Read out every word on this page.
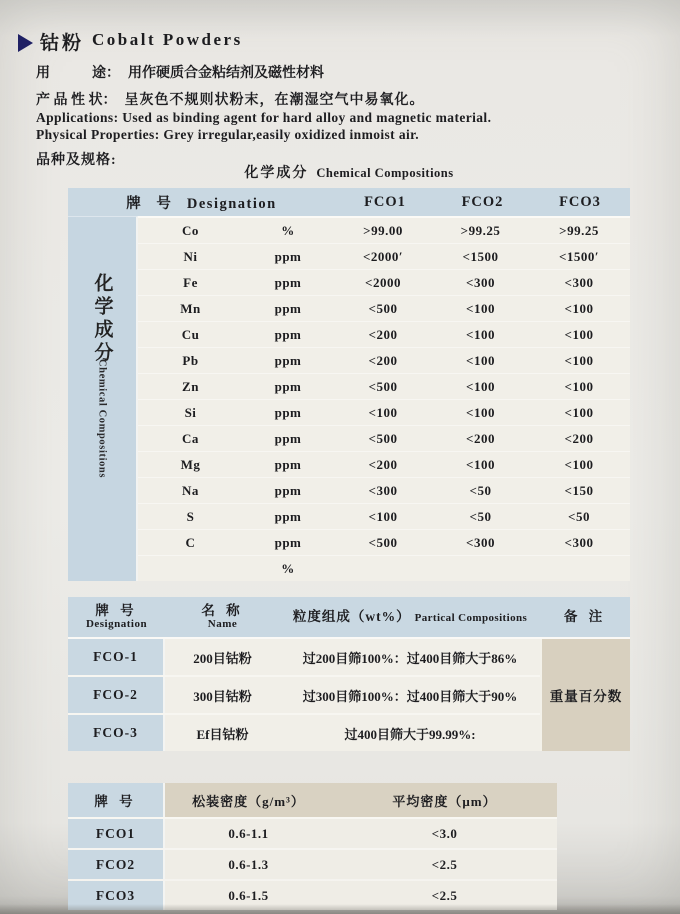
钴粉 Cobalt Powders
用　　　途： 用作硬质合金粘结剂及磁性材料
产 品 性 状： 呈灰色不规则状粉末，在潮湿空气中易氧化。
Applications: Used as binding agent for hard alloy and magnetic material.
Physical Properties: Grey irregular,easily oxidized inmoist air.
品种及规格:
化学成分 Chemical Compositions
牌 号 Designation	FCO1	FCO2	FCO3
化学成分
Chemical Compositions
Co	%	>99.00	>99.25	>99.25
Ni	ppm	<2000′	<1500	<1500′
Fe	ppm	<2000	<300	<300
Mn	ppm	<500	<100	<100
Cu	ppm	<200	<100	<100
Pb	ppm	<200	<100	<100
Zn	ppm	<500	<100	<100
Si	ppm	<100	<100	<100
Ca	ppm	<500	<200	<200
Mg	ppm	<200	<100	<100
Na	ppm	<300	<50	<150
S	ppm	<100	<50	<50
C	ppm	<500	<300	<300
%
牌 号
Designation
名 称
Name
粒度组成（wt%） Partical Compositions	备 注
FCO-1	200目钴粉	过200目筛100%：过400目筛大于86%
FCO-2	300目钴粉	过300目筛100%：过400目筛大于90%
FCO-3	Ef目钴粉	过400目筛大于99.99%:
重量百分数
牌 号	松装密度（g/m³）	平均密度（μm）
FCO1	0.6-1.1	<3.0
FCO2	0.6-1.3	<2.5
FCO3	0.6-1.5	<2.5
